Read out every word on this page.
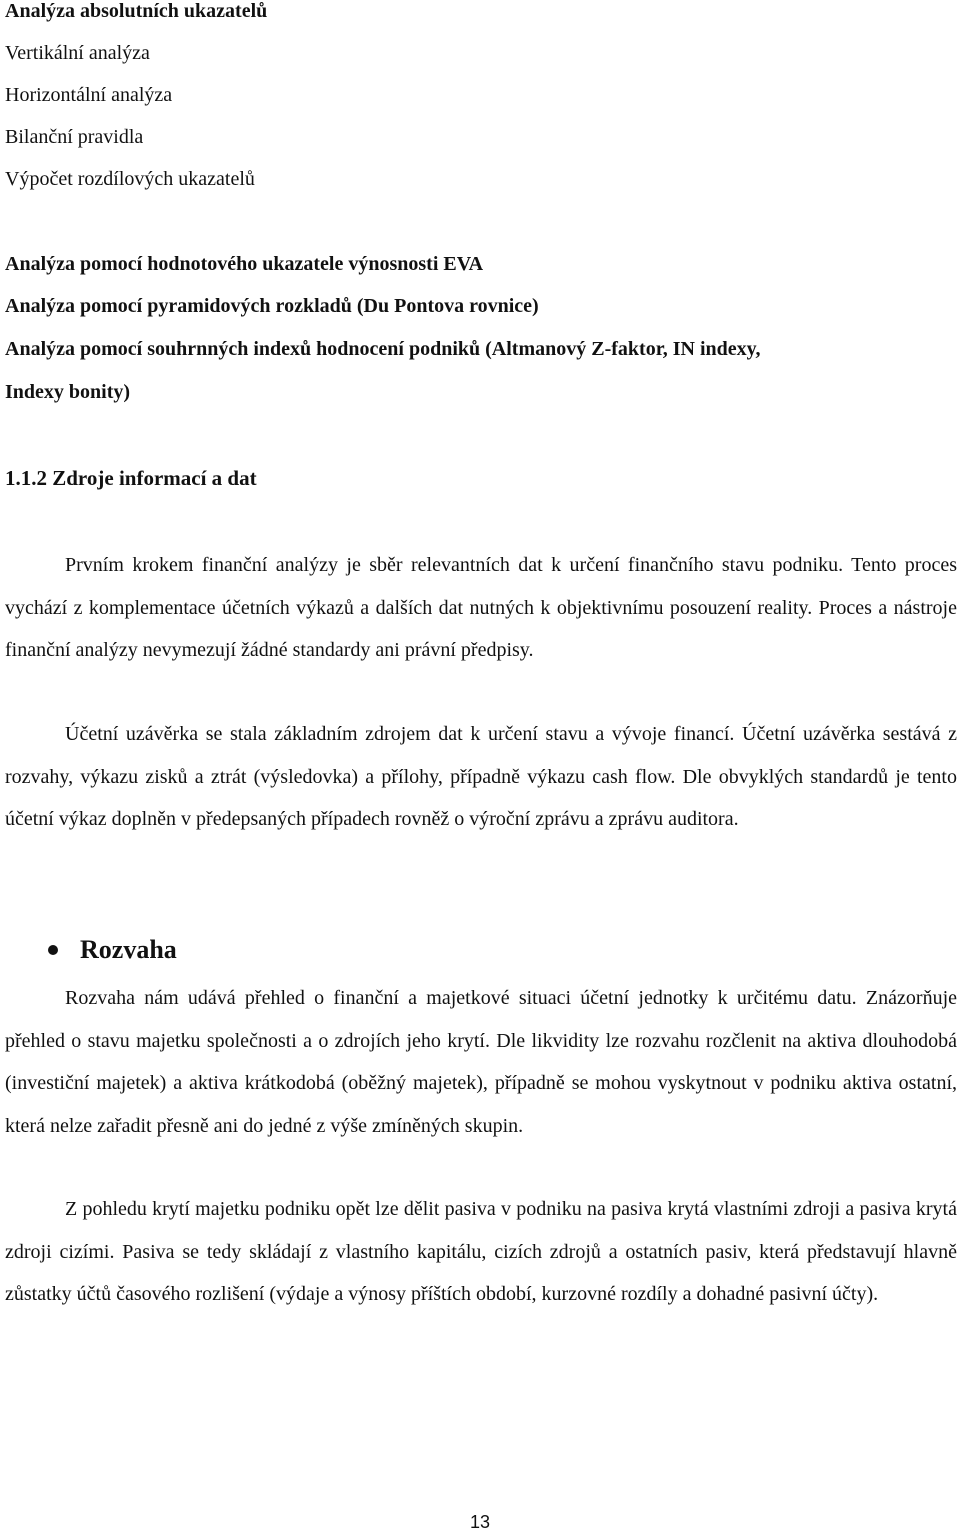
Analýza absolutních ukazatelů
Vertikální analýza
Horizontální analýza
Bilanční pravidla
Výpočet rozdílových ukazatelů
Analýza pomocí hodnotového ukazatele výnosnosti EVA
Analýza pomocí pyramidových rozkladů (Du Pontova rovnice)
Analýza pomocí souhrnných indexů hodnocení podniků (Altmanový Z-faktor, IN indexy,
Indexy bonity)
1.1.2 Zdroje informací a dat
Prvním krokem finanční analýzy je sběr relevantních dat k určení finančního stavu podniku. Tento proces vychází z komplementace účetních výkazů a dalších dat nutných k objektivnímu posouzení reality. Proces a nástroje finanční analýzy nevymezují žádné standardy ani právní předpisy.
Účetní uzávěrka se stala základním zdrojem dat k určení stavu a vývoje financí. Účetní uzávěrka sestává z rozvahy, výkazu zisků a ztrát (výsledovka) a přílohy, případně výkazu cash flow. Dle obvyklých standardů je tento účetní výkaz doplněn v předepsaných případech rovněž o výroční zprávu a zprávu auditora.
Rozvaha
Rozvaha nám udává přehled o finanční a majetkové situaci účetní jednotky k určitému datu. Znázorňuje přehled o stavu majetku společnosti a o zdrojích jeho krytí. Dle likvidity lze rozvahu rozčlenit na aktiva dlouhodobá (investiční majetek) a aktiva krátkodobá (oběžný majetek), případně se mohou vyskytnout v podniku aktiva ostatní, která nelze zařadit přesně ani do jedné z výše zmíněných skupin.
Z pohledu krytí majetku podniku opět lze dělit pasiva v podniku na pasiva krytá vlastními zdroji a pasiva krytá zdroji cizími. Pasiva se tedy skládají z vlastního kapitálu, cizích zdrojů a ostatních pasiv, která představují hlavně zůstatky účtů časového rozlišení (výdaje a výnosy příštích období, kurzovné rozdíly a dohadné pasivní účty).
13
